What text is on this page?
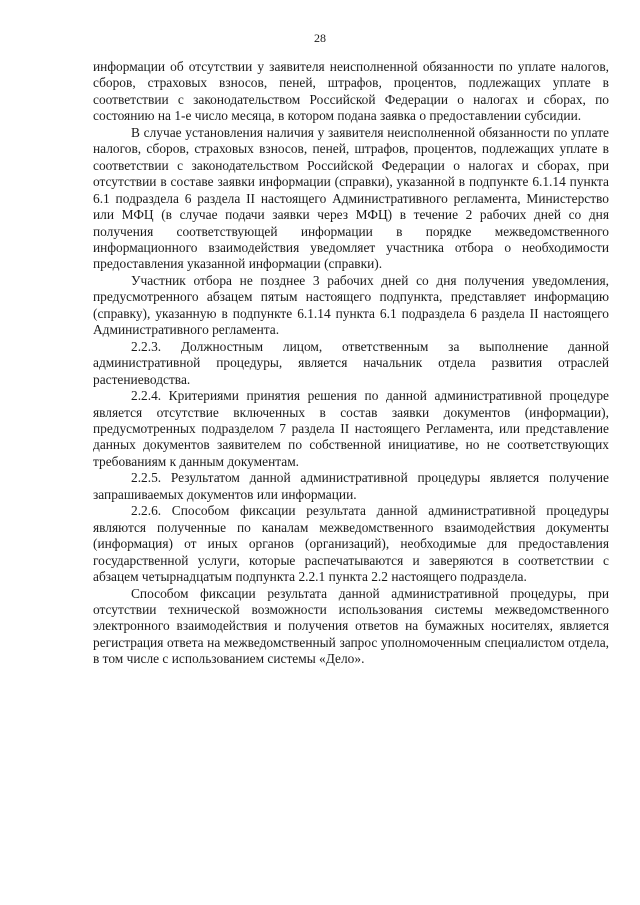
28

информации об отсутствии у заявителя неисполненной обязанности по уплате налогов, сборов, страховых взносов, пеней, штрафов, процентов, подлежащих уплате в соответствии с законодательством Российской Федерации о налогах и сборах, по состоянию на 1-е число месяца, в котором подана заявка о предоставлении субсидии.

В случае установления наличия у заявителя неисполненной обязанности по уплате налогов, сборов, страховых взносов, пеней, штрафов, процентов, подлежащих уплате в соответствии с законодательством Российской Федерации о налогах и сборах, при отсутствии в составе заявки информации (справки), указанной в подпункте 6.1.14 пункта 6.1 подраздела 6 раздела II настоящего Административного регламента, Министерство или МФЦ (в случае подачи заявки через МФЦ) в течение 2 рабочих дней со дня получения соответствующей информации в порядке межведомственного информационного взаимодействия уведомляет участника отбора о необходимости предоставления указанной информации (справки).

Участник отбора не позднее 3 рабочих дней со дня получения уведомления, предусмотренного абзацем пятым настоящего подпункта, представляет информацию (справку), указанную в подпункте 6.1.14 пункта 6.1 подраздела 6 раздела II настоящего Административного регламента.

2.2.3. Должностным лицом, ответственным за выполнение данной административной процедуры, является начальник отдела развития отраслей растениеводства.

2.2.4. Критериями принятия решения по данной административной процедуре является отсутствие включенных в состав заявки документов (информации), предусмотренных подразделом 7 раздела II настоящего Регламента, или представление данных документов заявителем по собственной инициативе, но не соответствующих требованиям к данным документам.

2.2.5. Результатом данной административной процедуры является получение запрашиваемых документов или информации.

2.2.6. Способом фиксации результата данной административной процедуры являются полученные по каналам межведомственного взаимодействия документы (информация) от иных органов (организаций), необходимые для предоставления государственной услуги, которые распечатываются и заверяются в соответствии с абзацем четырнадцатым подпункта 2.2.1 пункта 2.2 настоящего подраздела.

Способом фиксации результата данной административной процедуры, при отсутствии технической возможности использования системы межведомственного электронного взаимодействия и получения ответов на бумажных носителях, является регистрация ответа на межведомственный запрос уполномоченным специалистом отдела, в том числе с использованием системы «Дело».
